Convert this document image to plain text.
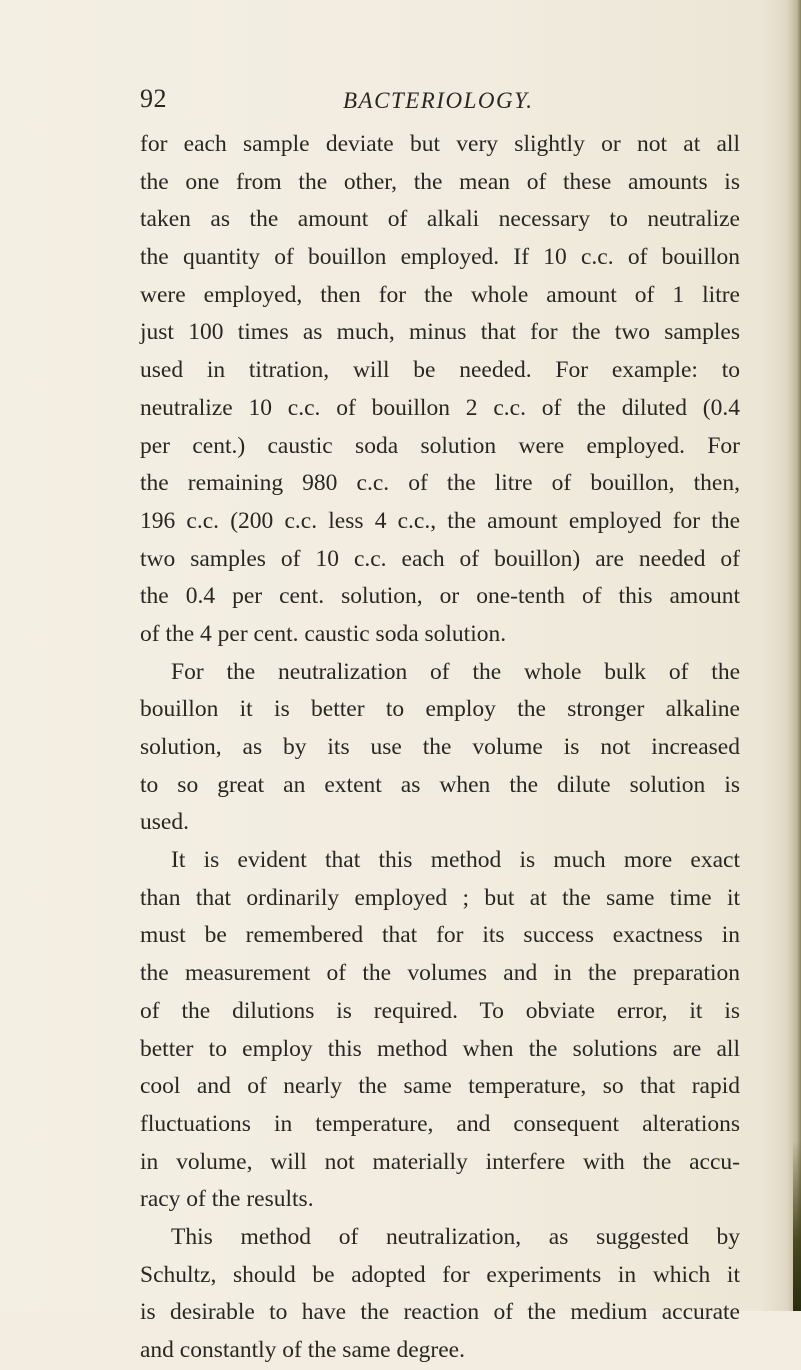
92	BACTERIOLOGY.
for each sample deviate but very slightly or not at all
the one from the other, the mean of these amounts is
taken as the amount of alkali necessary to neutralize
the quantity of bouillon employed. If 10 c.c. of bouillon
were employed, then for the whole amount of 1 litre
just 100 times as much, minus that for the two samples
used in titration, will be needed. For example: to
neutralize 10 c.c. of bouillon 2 c.c. of the diluted (0.4
per cent.) caustic soda solution were employed. For
the remaining 980 c.c. of the litre of bouillon, then,
196 c.c. (200 c.c. less 4 c.c., the amount employed for the
two samples of 10 c.c. each of bouillon) are needed of
the 0.4 per cent. solution, or one-tenth of this amount
of the 4 per cent. caustic soda solution.
For the neutralization of the whole bulk of the
bouillon it is better to employ the stronger alkaline
solution, as by its use the volume is not increased
to so great an extent as when the dilute solution is
used.
It is evident that this method is much more exact
than that ordinarily employed ; but at the same time it
must be remembered that for its success exactness in
the measurement of the volumes and in the preparation
of the dilutions is required. To obviate error, it is
better to employ this method when the solutions are all
cool and of nearly the same temperature, so that rapid
fluctuations in temperature, and consequent alterations
in volume, will not materially interfere with the accu-
racy of the results.
This method of neutralization, as suggested by
Schultz, should be adopted for experiments in which it
is desirable to have the reaction of the medium accurate
and constantly of the same degree.
